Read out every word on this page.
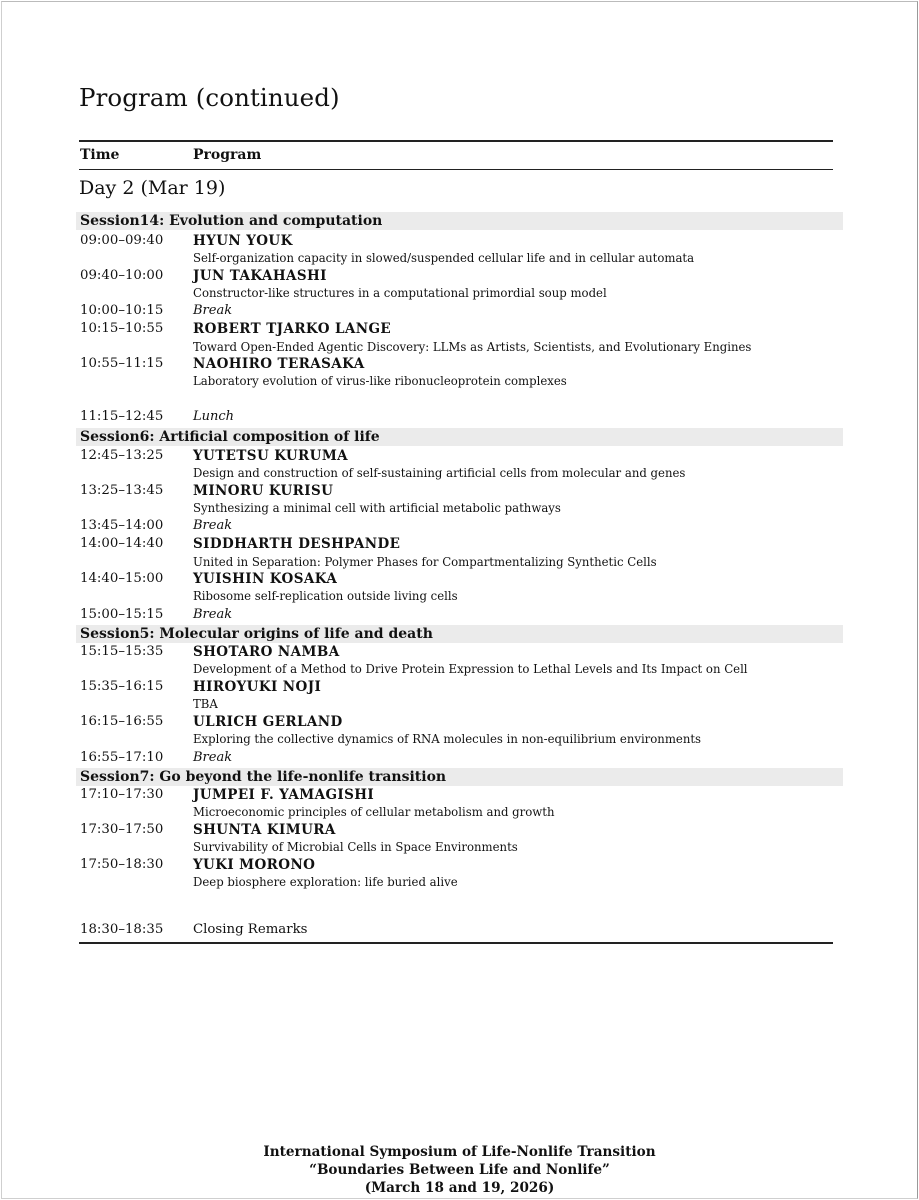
Program (continued)
Time	Program
Day 2 (Mar 19)
Session14: Evolution and computation
09:00–09:40 HYUN YOUK
Self-organization capacity in slowed/suspended cellular life and in cellular automata
09:40–10:00 JUN TAKAHASHI
Constructor-like structures in a computational primordial soup model
10:00–10:15 Break
10:15–10:55 ROBERT TJARKO LANGE
Toward Open-Ended Agentic Discovery: LLMs as Artists, Scientists, and Evolutionary Engines
10:55–11:15 NAOHIRO TERASAKA
Laboratory evolution of virus-like ribonucleoprotein complexes
11:15–12:45 Lunch
Session6: Artificial composition of life
12:45–13:25 YUTETSU KURUMA
Design and construction of self-sustaining artificial cells from molecular and genes
13:25–13:45 MINORU KURISU
Synthesizing a minimal cell with artificial metabolic pathways
13:45–14:00 Break
14:00–14:40 SIDDHARTH DESHPANDE
United in Separation: Polymer Phases for Compartmentalizing Synthetic Cells
14:40–15:00 YUISHIN KOSAKA
Ribosome self-replication outside living cells
15:00–15:15 Break
Session5: Molecular origins of life and death
15:15–15:35 SHOTARO NAMBA
Development of a Method to Drive Protein Expression to Lethal Levels and Its Impact on Cell
15:35–16:15 HIROYUKI NOJI
TBA
16:15–16:55 ULRICH GERLAND
Exploring the collective dynamics of RNA molecules in non-equilibrium environments
16:55–17:10 Break
Session7: Go beyond the life-nonlife transition
17:10–17:30 JUMPEI F. YAMAGISHI
Microeconomic principles of cellular metabolism and growth
17:30–17:50 SHUNTA KIMURA
Survivability of Microbial Cells in Space Environments
17:50–18:30 YUKI MORONO
Deep biosphere exploration: life buried alive
18:30–18:35 Closing Remarks
International Symposium of Life-Nonlife Transition
“Boundaries Between Life and Nonlife”
(March 18 and 19, 2026)
